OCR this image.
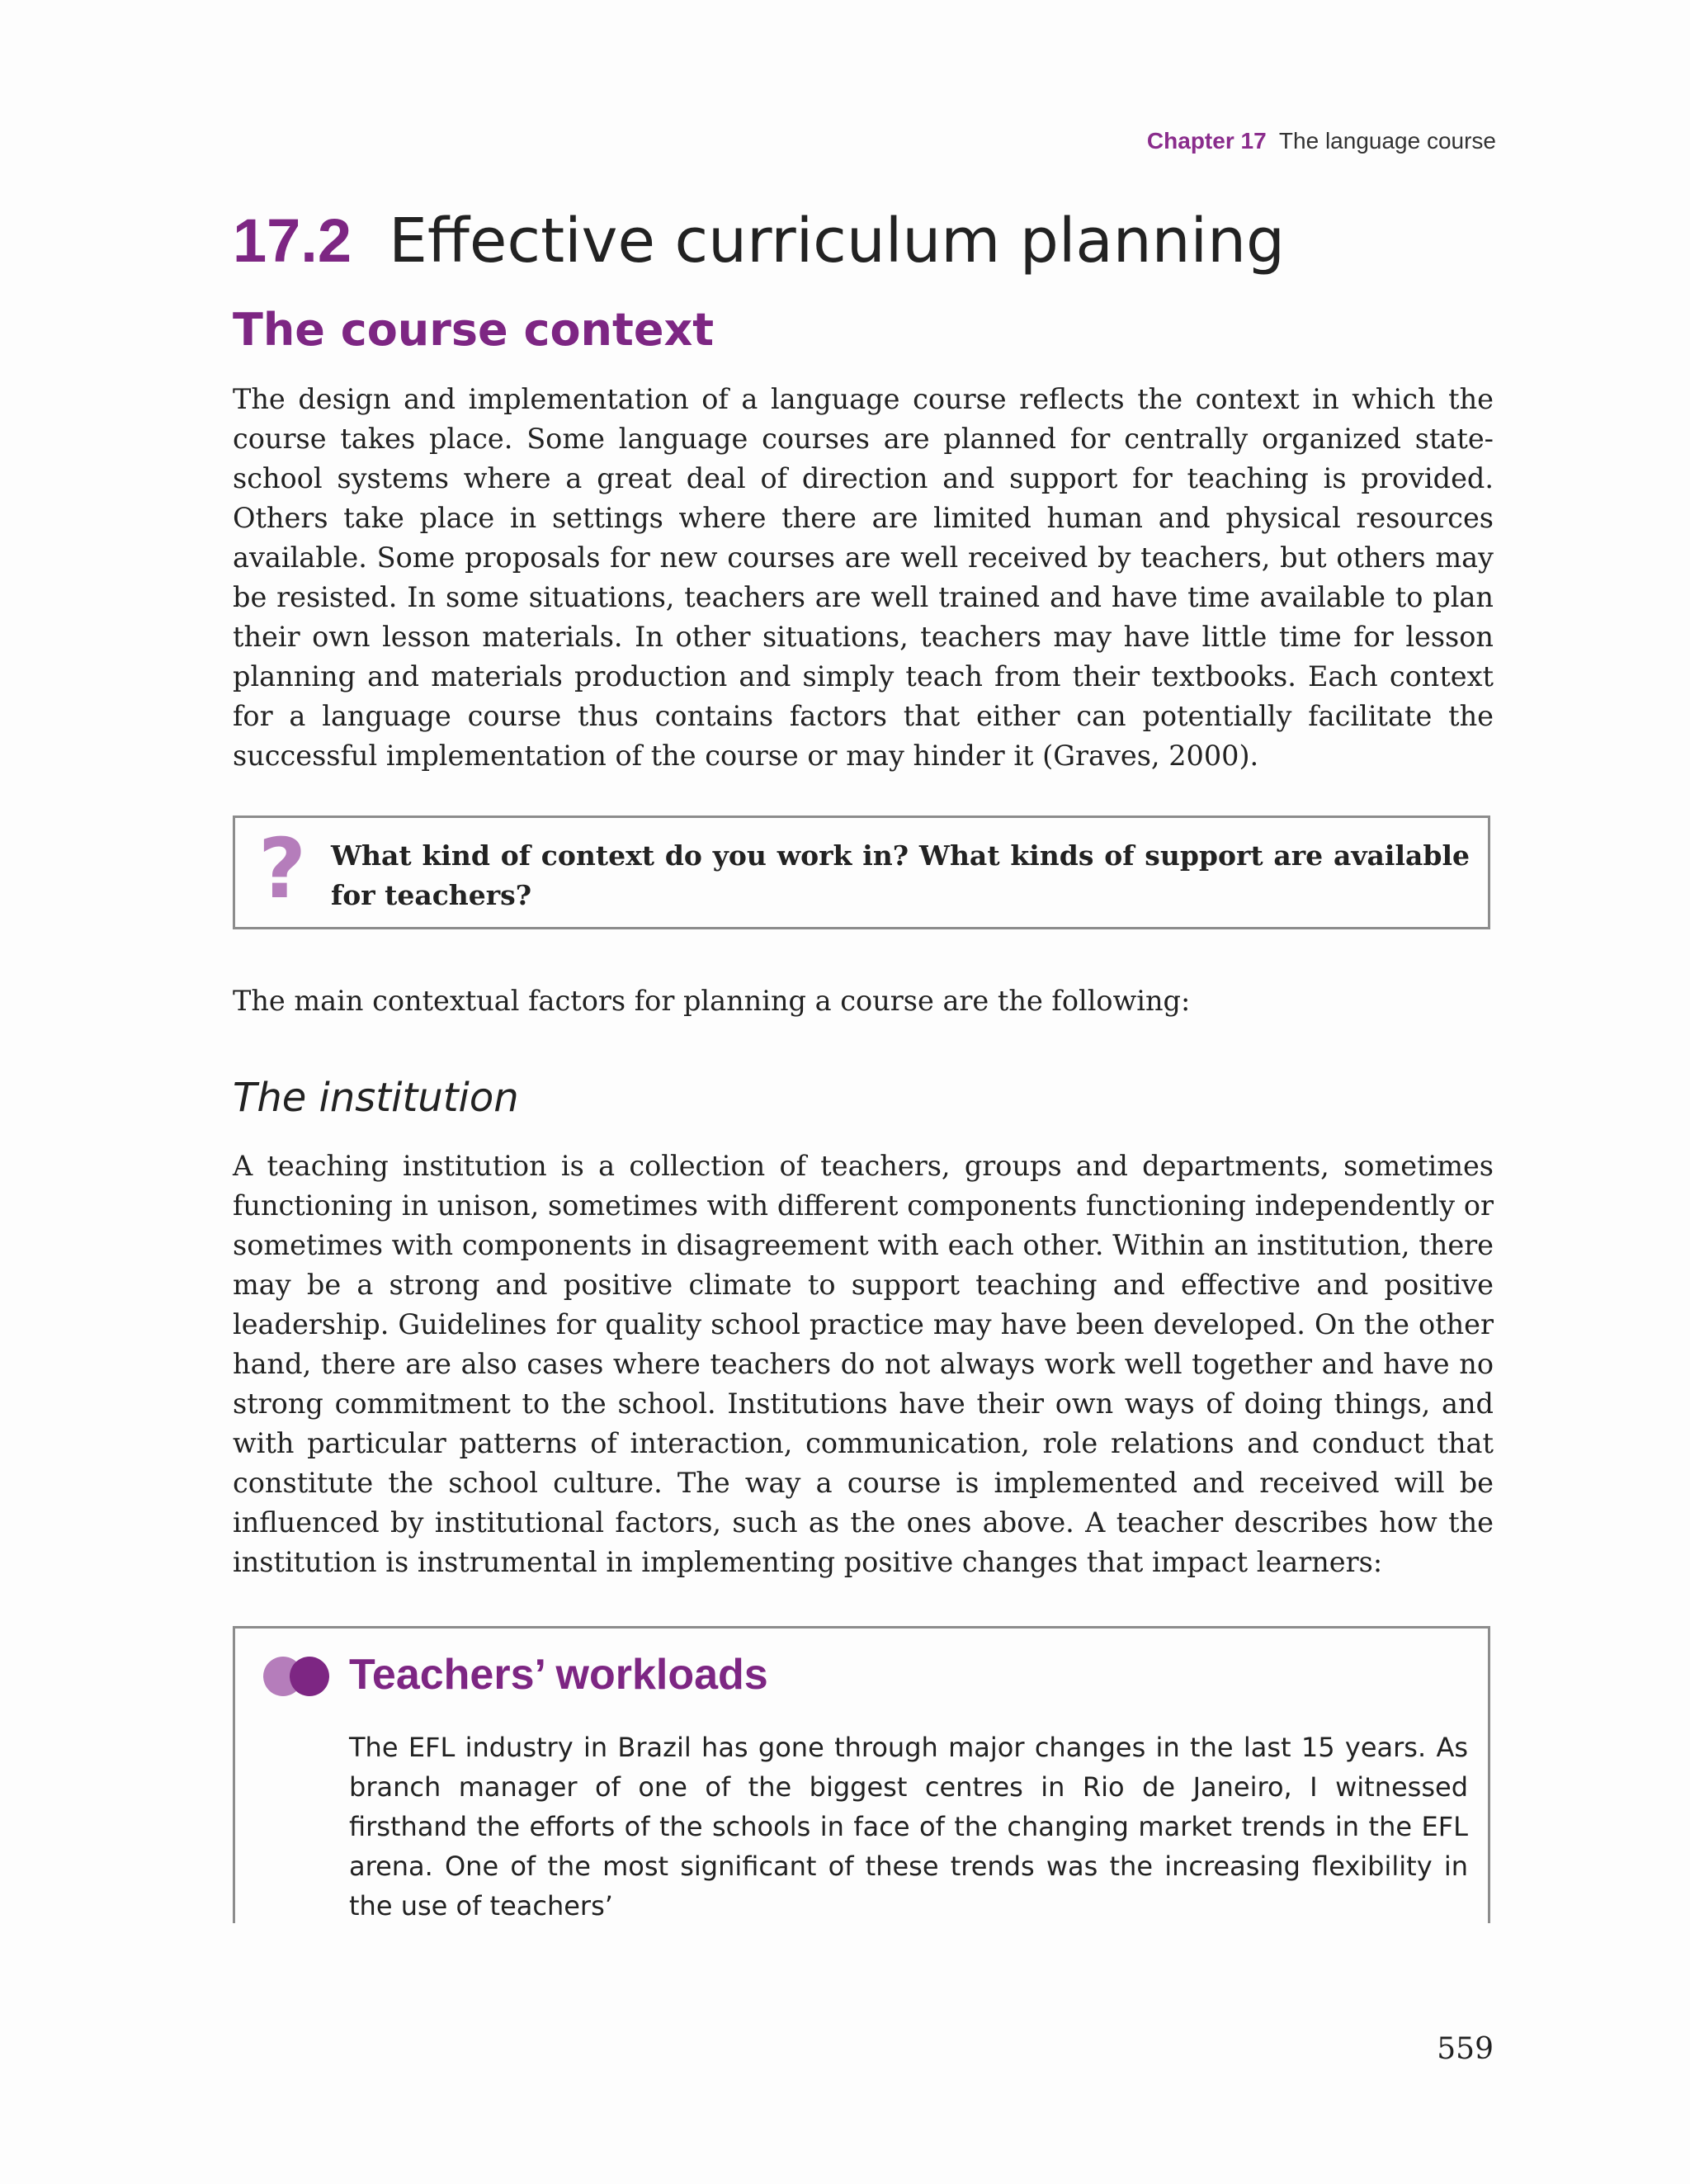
Chapter 17 The language course
17.2 Effective curriculum planning
The course context

The design and implementation of a language course reflects the context in which the course takes place. Some language courses are planned for centrally organized state-school systems where a great deal of direction and support for teaching is provided. Others take place in settings where there are limited human and physical resources available. Some proposals for new courses are well received by teachers, but others may be resisted. In some situations, teachers are well trained and have time available to plan their own lesson materials. In other situations, teachers may have little time for lesson planning and materials production and simply teach from their textbooks. Each context for a language course thus contains factors that either can potentially facilitate the successful implementation of the course or may hinder it (Graves, 2000).

? What kind of context do you work in? What kinds of support are available for teachers?

The main contextual factors for planning a course are the following:

The institution

A teaching institution is a collection of teachers, groups and departments, sometimes functioning in unison, sometimes with different components functioning independently or sometimes with components in disagreement with each other. Within an institution, there may be a strong and positive climate to support teaching and effective and positive leadership. Guidelines for quality school practice may have been developed. On the other hand, there are also cases where teachers do not always work well together and have no strong commitment to the school. Institutions have their own ways of doing things, and with particular patterns of interaction, communication, role relations and conduct that constitute the school culture. The way a course is implemented and received will be influenced by institutional factors, such as the ones above. A teacher describes how the institution is instrumental in implementing positive changes that impact learners:

Teachers’ workloads

The EFL industry in Brazil has gone through major changes in the last 15 years. As branch manager of one of the biggest centres in Rio de Janeiro, I witnessed firsthand the efforts of the schools in face of the changing market trends in the EFL arena. One of the most significant of these trends was the increasing flexibility in the use of teachers’

559
